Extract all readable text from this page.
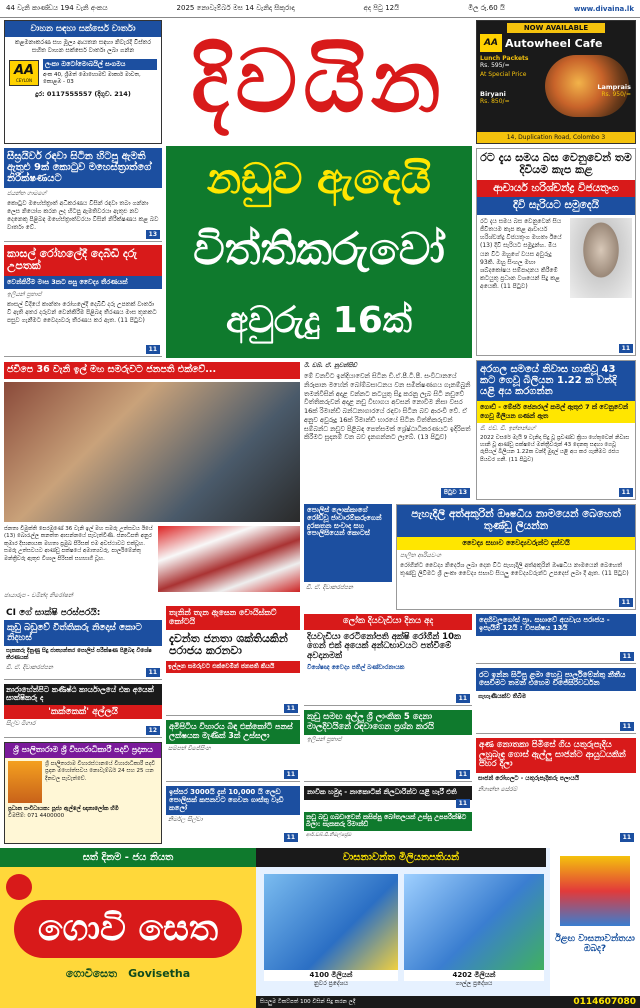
44 වැනි කාණ්ඩය 194 වැනි අංකය	2025 නොවැම්බර් මස 14 වැනිදා සිකුරාදා	අද පිටු 12යි	මිල රු.60 යි	www.divaina.lk
වාහන සඳහා සක්සෙර් වාර්තා
කළමනාකරණ සහ මූල්‍ය ආයතන සඳහා නිවැරදි විස්තර සහිත වාහන සක්සෙර් වාර්තා ලබා ගන්න
AA
CEYLON
ලංකා ඔටෝමොබයිල් සංගමය
අංක 40, ශ්‍රීමත් මොහොමඩ් මාකාර් මාවත, කොළඹ - 03
දුර: 0117555557 (දිගුව. 214) දිවයින
NOW AVAILABLE
AA Autowheel Cafe
Lunch Packets
Rs. 595/=
At Special Price
Biryani
Rs. 850/=
Lamprais
Rs. 950/=
14, Duplication Road, Colombo 3
සීඝ්‍රයිවර් රඳවා සිටින හිටපු ඇමති ඇතුළු 9ක් කොටුව මහෙස්ත්‍රාත්ගේ නිරීක්ෂණයට
ජයන්ත ගාමගේ
කොටුව මහේස්ත්‍රාත් අධිකරණය විසින් රඳවා තබා ගන්නා ලෙස නියෝග කරන ලද හිටපු ඇමතිවරයා ඇතුළු නව දෙනෙකු පිළිබඳ මහේස්ත්‍රාත්වරයා විසින් නිරීක්ෂණය කළ බව වාර්තා වේ.
13
කාසල් රෝහලේදී දෙබිඩි දරු උපතක්
වෙන්කිරීම මාස 3කට පසු වෛද්‍ය තීරණයක්
ඉලියන් ප්‍රතාප්
කාසල් වීදියේ කාන්තා රෝහලේදී දෙබිඩි දරු උපතක් වාර්තා වී ඇති අතර දරුවන් වෙන්කිරීම පිළිබඳ තීරණය මාස තුනකට පසුව ගැනීමට වෛද්‍යවරු තීරණය කර ඇත. (11 පිටුව)
11
නඩුව ඇදෙයි
විත්තිකරුවෝ
අවුරුදු 16ක්
රට දැය සමය බස වෙනුවෙන් තම දිවියම කැප කළ
ආචාර්ය හරිශ්චන්ද්‍ර විජයතුංග
දිවි සැරියට සමුදෙයි
රට දැය සමය බස වෙනුවෙන් සිය ජීවිතයම කැප කළ ආචාර්ය හරිශ්චන්ද්‍ර විජයතුංග මහතා ඊයේ (13) දිවි සැරියට සමුදුන්හ. මිය යන විට ඔහුගේ වයස අවුරුදු 93කි. ඔහු සිංහල මහා ශබ්දකෝෂය සම්පාදනය කිරීමේ කටයුතු ප්‍රධාන වශයෙන් සිදු කළ අයෙකි. (11 පිටුව)
11
ජවිපෙ 36 වැනි ඉල් මහ සමරුවට ජනපති එක්වේ...
ජනතා විමුක්ති පෙරමුණේ 36 වැනි ඉල් මහ සමරු උත්සවය ඊයේ (13) බොරැල්ල කනත්ත ආසන්නයේ පැවැත්විණි. ජනාධිපති අනුර කුමාර දිසානායක මහතා ප්‍රමුඛ පිරිසක් එම අවස්ථාවට එක්වූහ. සමරු උත්සවයට ආණ්ඩු පක්ෂයේ අමාත්‍යවරු, පාර්ලිමේන්තු මන්ත්‍රීවරු ඇතුළු විශාල පිරිසක් සහභාගී වූහ.
ඡායාරූප - චමින්ද නිරෝෂන්
ඊ. ඩබ්. ඒ. නුවන්සිඩ්
මේ වනවිට ඉන්දියාවෙන් සිටින ඩී.ඒ.පී.ටී.පී. සංවිධානයේ නිරූපාන මහේන් බෝම්බසාධනය වන සමීක්ෂණගය ගැනම්බුනි තමන්විසින් අදාළ වන්නට කටයුතු සිදු කරනු ලැබ සිටි නඩුවේ විත්තිකරුවන් අදාළ නඩු විභාගය අවසන් නොවීම නිසා වසර 16ක් රිමාන්ඩ් බන්ධනාගාරයේ රඳවා සිටින බව ආරංචි වේ. ඒ අනුව අවුරුදු 16ක් රිමාන්ඩ් භාරයේ සිටින විත්තිකරුවන් සම්බන්ධ නඩුව පිළිබඳ පෙත්සමක් ශ්‍රේෂ්ඨාධිකරණයට ඉදිරිපත් කිරීමට සූදානම් වන බව දැනගන්නට ලැබේ. (13 පිටුව)
පිටුව 13
අරගල සමයේ නිවාස හානිවූ 43 කට ගෙවූ බිලියන 1.22 ක වන්දි යළි අය කරගන්න
ගොඩ් - මේජර් ජෙනරාල් කමල් ඇතුළු 7 ක් වෙනුවෙන් ගෙවූ මිලියන ගණන් ඇත
ජි. එච්. ඩී. ඉන්නන්ගේ
2022 වසරේ මැයි 9 වැනිදා සිදු වූ ප්‍රචණ්ඩ ක්‍රියා හේතුවෙන් නිවාස හානි වූ ආණ්ඩු පක්ෂයේ මන්ත්‍රීවරුන් 43 දෙනකු සඳහා ගෙවූ රුපියල් බිලියන 1.22ක වන්දි මුදල් යළි අය කර ගැනීමට රජය පියවර ගනී. (11 පිටුව)
11
පොලිස් ලොක්කාගේ රෝඩ්වූ ජාවාරම්කරුගෙන් දුරකතන සංවාද සහ පොලිසියෙන් කොටස්
ඩී. ඒ. දිවාකරප්පන
පැහැදිලි අත්අකුරින් ඖෂධීය නාමයෙන් බෙහෙත් තුණ්ඩු ලියන්න
වෛද්‍ය සභාව වෛද්‍යවරුන්ට දන්වයි
පාලිත ආරියවංශ
රෝගීන්ට වෛද්‍ය නිර්දේශ ලබා දෙන විට පැහැදිලි අත්අකුරින් ඖෂධීය නාමයෙන් බෙහෙත් තුණ්ඩු ලිවීමට ශ්‍රී ලංකා වෛද්‍ය සභාව සියලු වෛද්‍යවරුන්ට උපදෙස් ලබා දී ඇත. (11 පිටුව)
11
CI ගේ සාක්ෂි පරස්පරයි:
කුඩු බඩුවේ විත්තිකරු නිදොස් කොට නිදහස්
සැකකරු දිනුණු සිදු ජාත්‍යන්තර පොලිස් පරීක්ෂණ පිළිබඳ විශේෂ තීරණයක්
ඩී. ඒ. දිවාකරප්පන
11
නාරාහේන්පිට කණිෂ්ඨ කාර්යාලයේ එක අයෙක් සාක්ෂිකරු ද
'කක්කෙක්' අල්ලයි
සිල්ව මිගාර
12
ශ්‍රී පාලිතාරාම ශ්‍රී විහාරාධිකාරී පදවි ප්‍රදානය
ශ්‍රී පාලිතාරාම විහාරස්ථානයේ විහාරාධිකාරී පදවි ප්‍රදාන මහෝත්සවය නොවැම්බර් 24 සහ 25 යන දිනවල පැවැත්වේ.
ප්‍රධාන සංවිධායක: පූජ්‍ය ඇල්ලේ ඥානාලෝක හිමි
විමසීම්: 071 4400000
තැනින් තැන ඇසෙන වොයිස්කට් කෝටයි
දැවන්ත ජනතා ශක්තියකින් පරාජය කරනවා
ඉල්ලන සමරුවට එක්වෙමින් ජනපති කියයි
11
ලෝක දියවැඩියා දිනය අද
දියවැඩියා රෙටිනෝපති අක්ෂි රෝගීන් 10ක ගෙන් එක් අයෙක් අන්ධභාවයට පත්වීමේ අවදානමක්
විශේෂඥ වෛද්‍ය පතිල් බණ්ඩාරනායක
11
දෙහිවලගෝස් ප්‍රා. සභාවේ අයවැය පරාජය - ඉපැයීම් 12යි : විපක්ෂය 13යි
11
රට ඉන්න සිටිපු ළමා හෙවූ පාර්ලිමේන්තු නීතීය සෙවීමට තමන් එහෙම විජේසිරිවර්ධන
ගැහැණියක්ව තිබීම
11
අමිපිටිය විහාරය බිඳ එක්කෝටි පනස් ලක්ෂයක මැණික් 3ක් උස්සලා
සම්පත් විජේසිංහ
11
කුඩු සමඟ අල්ලු ශ්‍රී ලාංකික 5 දෙනා මාලදිවයිනේ රඳවාගෙන ප්‍රශ්න කරයි
ඉලියන් ප්‍රතාප්
11
අණ නොතකා පිමිසේ ගිය යතුරුපැදිය ලුහුබැඳ ගොස් ඇල්ලු සාජන්ට ආයුධයකින් පහර දීලා
සාජන් රෝහලට - යතුරුපැදිකරු පලායයි
නිශාන්ත සේරම්
11
ඉස්සර 3000යි දැන් 10,000 යි ලෙඩ පොලිසක් කපනවට ගෙවන ගාස්තු වැඩි කලෝ
නිර්මල සිල්වා
11
නාවික හමුදා - නාකොටික් නිලධාරින්ට යළි හැරී එති
11
නඩු බඩු ගබඩාවෙන් කසිප්පු බෝතලයක් උස්සූ උපපරීක්ෂිට බිලා: සැකකරු රිමාන්ඩ්
ආර්.ඩබ්.ඩී.නිමල්ප්‍රේම
සත් දිනම - ජය නියත
ගොවි සෙත
ගොවිසෙත Govisetha
වාසනාවන්ත මිලියනපතියන්
4100 මිලියන්
නුවර ප්‍රදේශය
4202 මිලියන්
ගාල්ල ප්‍රදේශය
ඊළඟ වාසනාවන්තයා ඔබද?
සියලුම ටිකට්පත් 100 විසින් සිදු කරන ලදී	0114607080
